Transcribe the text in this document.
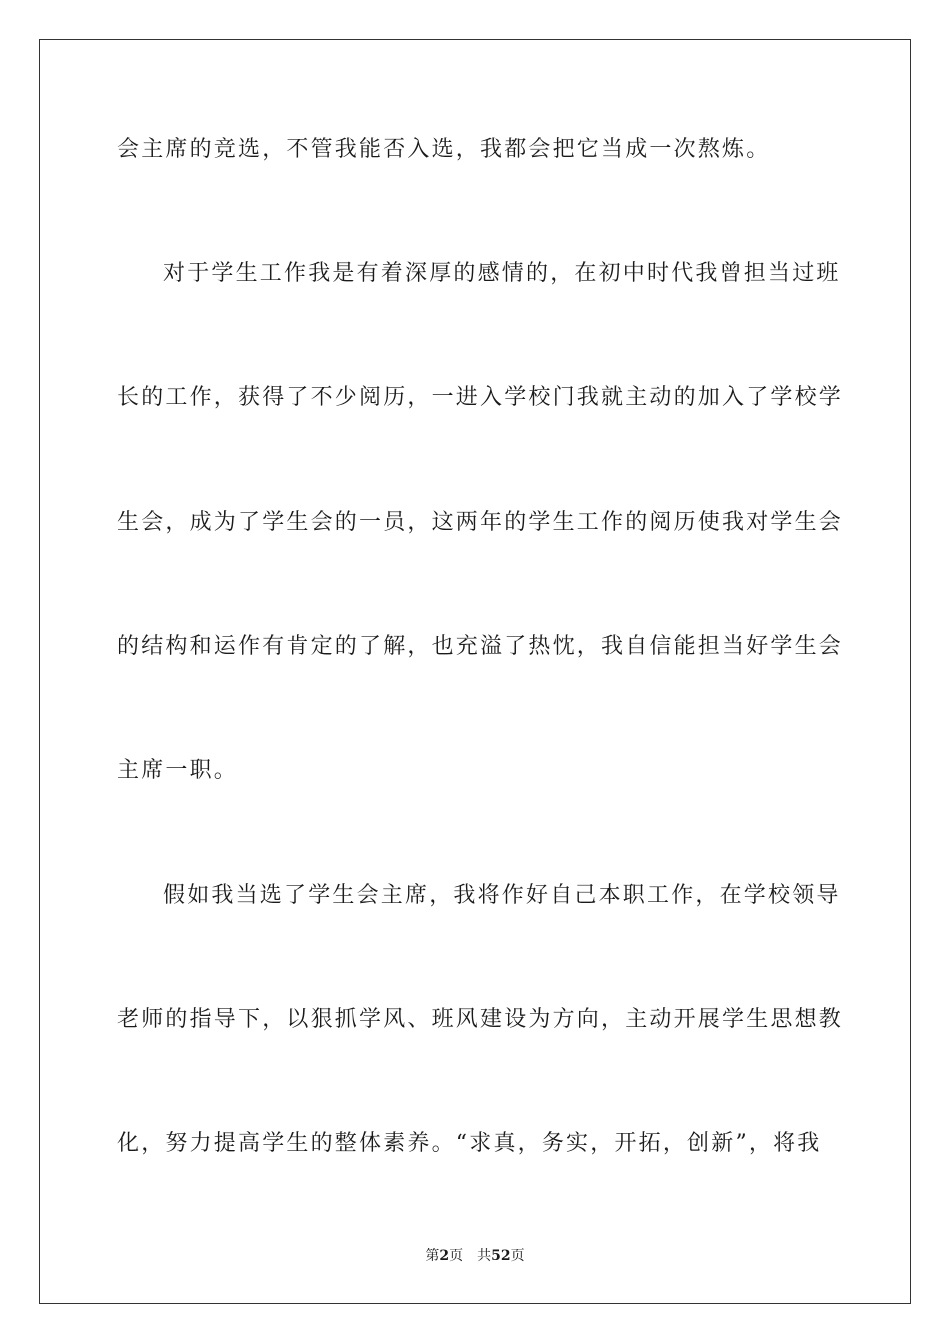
会主席的竞选，不管我能否入选，我都会把它当成一次熬炼。
对于学生工作我是有着深厚的感情的，在初中时代我曾担当过班
长的工作，获得了不少阅历，一进入学校门我就主动的加入了学校学
生会，成为了学生会的一员，这两年的学生工作的阅历使我对学生会
的结构和运作有肯定的了解，也充溢了热忱，我自信能担当好学生会
主席一职。
假如我当选了学生会主席，我将作好自己本职工作，在学校领导
老师的指导下，以狠抓学风、班风建设为方向，主动开展学生思想教
化，努力提高学生的整体素养。“求真，务实，开拓，创新”，将我
第2页　共52页
